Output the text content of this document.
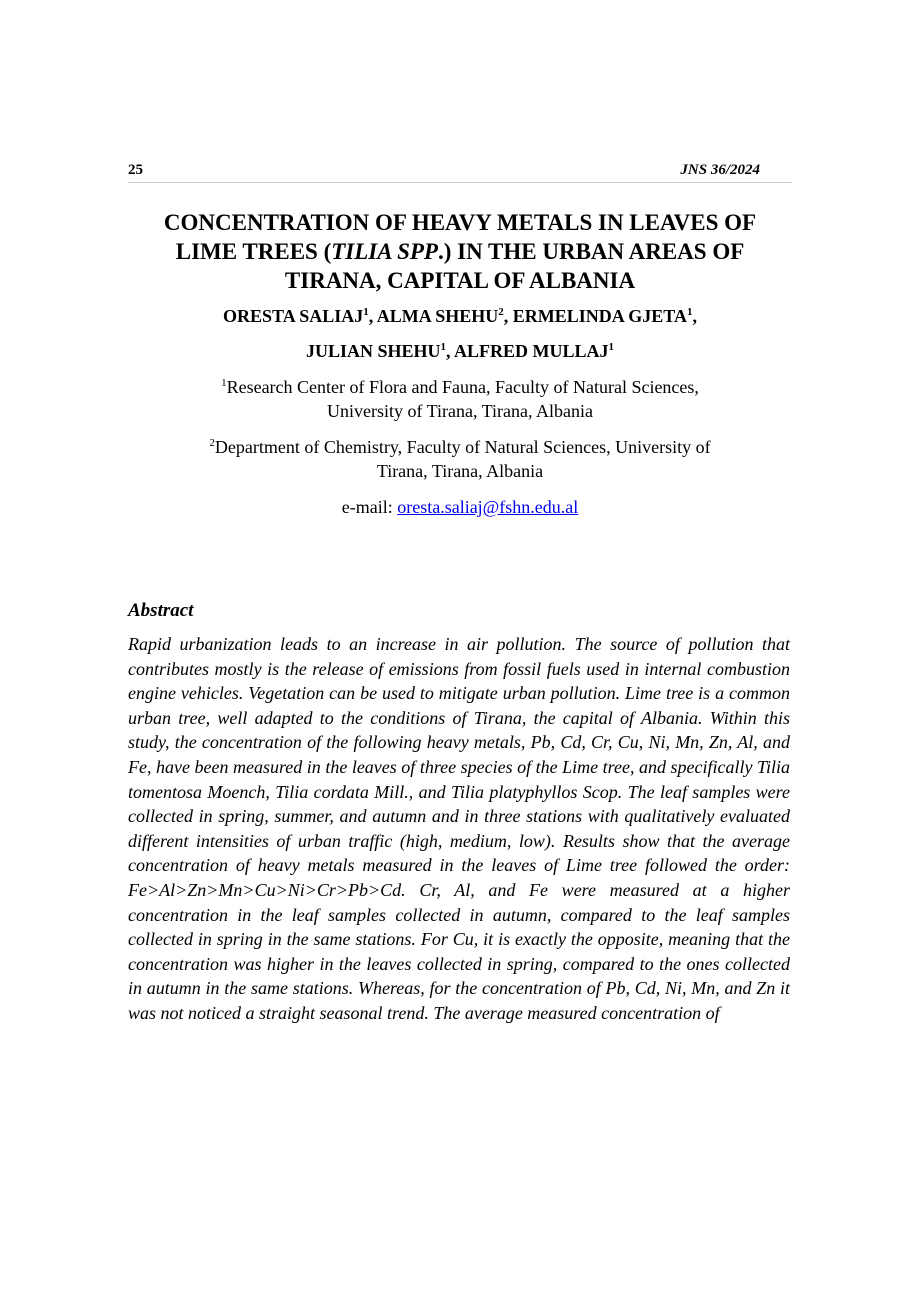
25	JNS 36/2024
CONCENTRATION OF HEAVY METALS IN LEAVES OF
LIME TREES (TILIA SPP.) IN THE URBAN AREAS OF
TIRANA, CAPITAL OF ALBANIA
ORESTA SALIAJ$^1$, ALMA SHEHU$^2$, ERMELINDA GJETA$^1$,
JULIAN SHEHU$^1$, ALFRED MULLAJ$^1$
$^1$Research Center of Flora and Fauna, Faculty of Natural Sciences,
University of Tirana, Tirana, Albania
$^2$Department of Chemistry, Faculty of Natural Sciences, University of
Tirana, Tirana, Albania
e-mail: oresta.saliaj@fshn.edu.al
Abstract

Rapid urbanization leads to an increase in air pollution. The source of pollution that contributes mostly is the release of emissions from fossil fuels used in internal combustion engine vehicles. Vegetation can be used to mitigate urban pollution. Lime tree is a common urban tree, well adapted to the conditions of Tirana, the capital of Albania. Within this study, the concentration of the following heavy metals, Pb, Cd, Cr, Cu, Ni, Mn, Zn, Al, and Fe, have been measured in the leaves of three species of the Lime tree, and specifically Tilia tomentosa Moench, Tilia cordata Mill., and Tilia platyphyllos Scop. The leaf samples were collected in spring, summer, and autumn and in three stations with qualitatively evaluated different intensities of urban traffic (high, medium, low). Results show that the average concentration of heavy metals measured in the leaves of Lime tree followed the order: Fe>Al>Zn>Mn>Cu>Ni>Cr>Pb>Cd. Cr, Al, and Fe were measured at a higher concentration in the leaf samples collected in autumn, compared to the leaf samples collected in spring in the same stations. For Cu, it is exactly the opposite, meaning that the concentration was higher in the leaves collected in spring, compared to the ones collected in autumn in the same stations. Whereas, for the concentration of Pb, Cd, Ni, Mn, and Zn it was not noticed a straight seasonal trend. The average measured concentration of
